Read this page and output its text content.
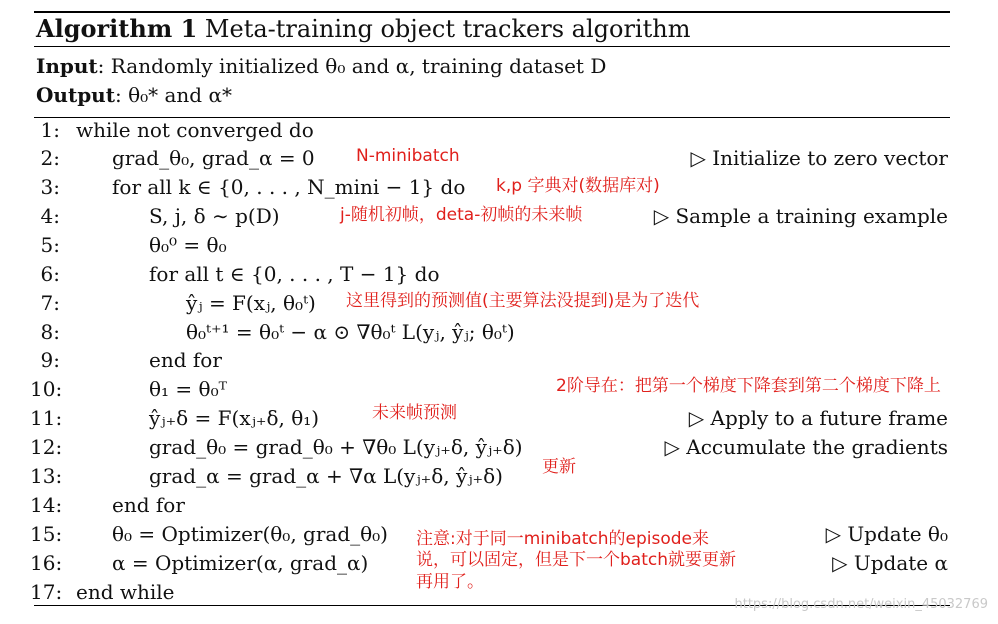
Algorithm 1 Meta-training object trackers algorithm
Input: Randomly initialized θ₀ and α, training dataset D
Output: θ₀* and α*
1:
2:
3:
4:
5:
6:
7:
8:
9:
10:
11:
12:
13:
14:
15:
16:
17:
while not converged do
grad_θ₀, grad_α = 0
for all k ∈ {0, . . . , N_mini − 1} do
S, j, δ ∼ p(D)
θ₀⁰ = θ₀
for all t ∈ {0, . . . , T − 1} do
ŷⱼ = F(xⱼ, θ₀ᵗ)
θ₀ᵗ⁺¹ = θ₀ᵗ − α ⊙ ∇θ₀ᵗ L(yⱼ, ŷⱼ; θ₀ᵗ)
end for
θ₁ = θ₀ᵀ
ŷⱼ₊δ = F(xⱼ₊δ, θ₁)
grad_θ₀ = grad_θ₀ + ∇θ₀ L(yⱼ₊δ, ŷⱼ₊δ)
grad_α = grad_α + ∇α L(yⱼ₊δ, ŷⱼ₊δ)
end for
θ₀ = Optimizer(θ₀, grad_θ₀)
α = Optimizer(α, grad_α)
end while
▷ Initialize to zero vector
▷ Sample a training example
▷ Apply to a future frame
▷ Accumulate the gradients
▷ Update θ₀
▷ Update α
N-minibatch
k,p 字典对(数据库对)
j-随机初帧，deta-初帧的未来帧
这里得到的预测值(主要算法没提到)是为了迭代
2阶导在：把第一个梯度下降套到第二个梯度下降上
未来帧预测
更新
注意:对于同一minibatch的episode来说，可以固定，但是下一个batch就要更新再用了。
https://blog.csdn.net/weixin_45032769
